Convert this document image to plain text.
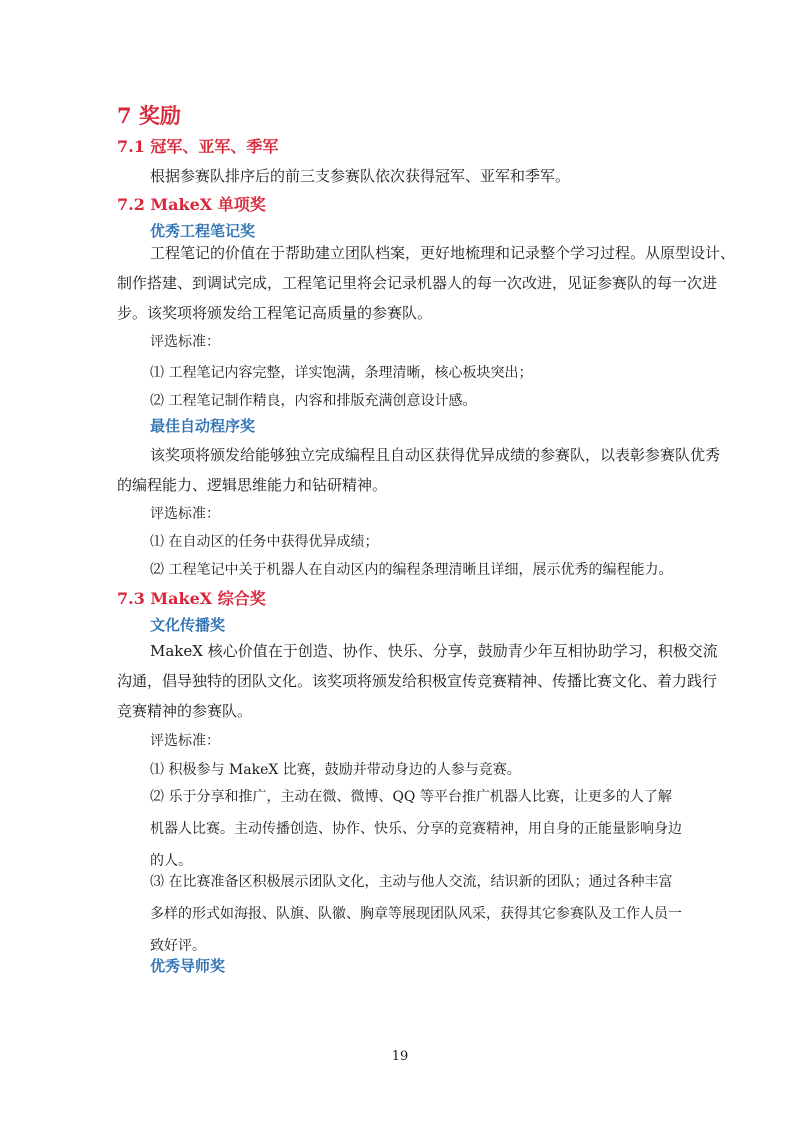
7 奖励
7.1 冠军、亚军、季军

根据参赛队排序后的前三支参赛队依次获得冠军、亚军和季军。

7.2 MakeX 单项奖
优秀工程笔记奖
工程笔记的价值在于帮助建立团队档案，更好地梳理和记录整个学习过程。从原型设计、
制作搭建、到调试完成，工程笔记里将会记录机器人的每一次改进，见证参赛队的每一次进
步。该奖项将颁发给工程笔记高质量的参赛队。

评选标准：

⑴ 工程笔记内容完整，详实饱满，条理清晰，核心板块突出；

⑵ 工程笔记制作精良，内容和排版充满创意设计感。

最佳自动程序奖
该奖项将颁发给能够独立完成编程且自动区获得优异成绩的参赛队，以表彰参赛队优秀
的编程能力、逻辑思维能力和钻研精神。

评选标准：

⑴ 在自动区的任务中获得优异成绩；

⑵ 工程笔记中关于机器人在自动区内的编程条理清晰且详细，展示优秀的编程能力。

7.3 MakeX 综合奖
文化传播奖
MakeX 核心价值在于创造、协作、快乐、分享，鼓励青少年互相协助学习，积极交流
沟通，倡导独特的团队文化。该奖项将颁发给积极宣传竞赛精神、传播比赛文化、着力践行
竞赛精神的参赛队。

评选标准：

⑴ 积极参与 MakeX 比赛，鼓励并带动身边的人参与竞赛。

⑵ 乐于分享和推广，主动在微、微博、QQ 等平台推广机器人比赛，让更多的人了解
机器人比赛。主动传播创造、协作、快乐、分享的竞赛精神，用自身的正能量影响身边
的人。
⑶ 在比赛准备区积极展示团队文化，主动与他人交流，结识新的团队；通过各种丰富
多样的形式如海报、队旗、队徽、胸章等展现团队风采，获得其它参赛队及工作人员一
致好评。
优秀导师奖

19
